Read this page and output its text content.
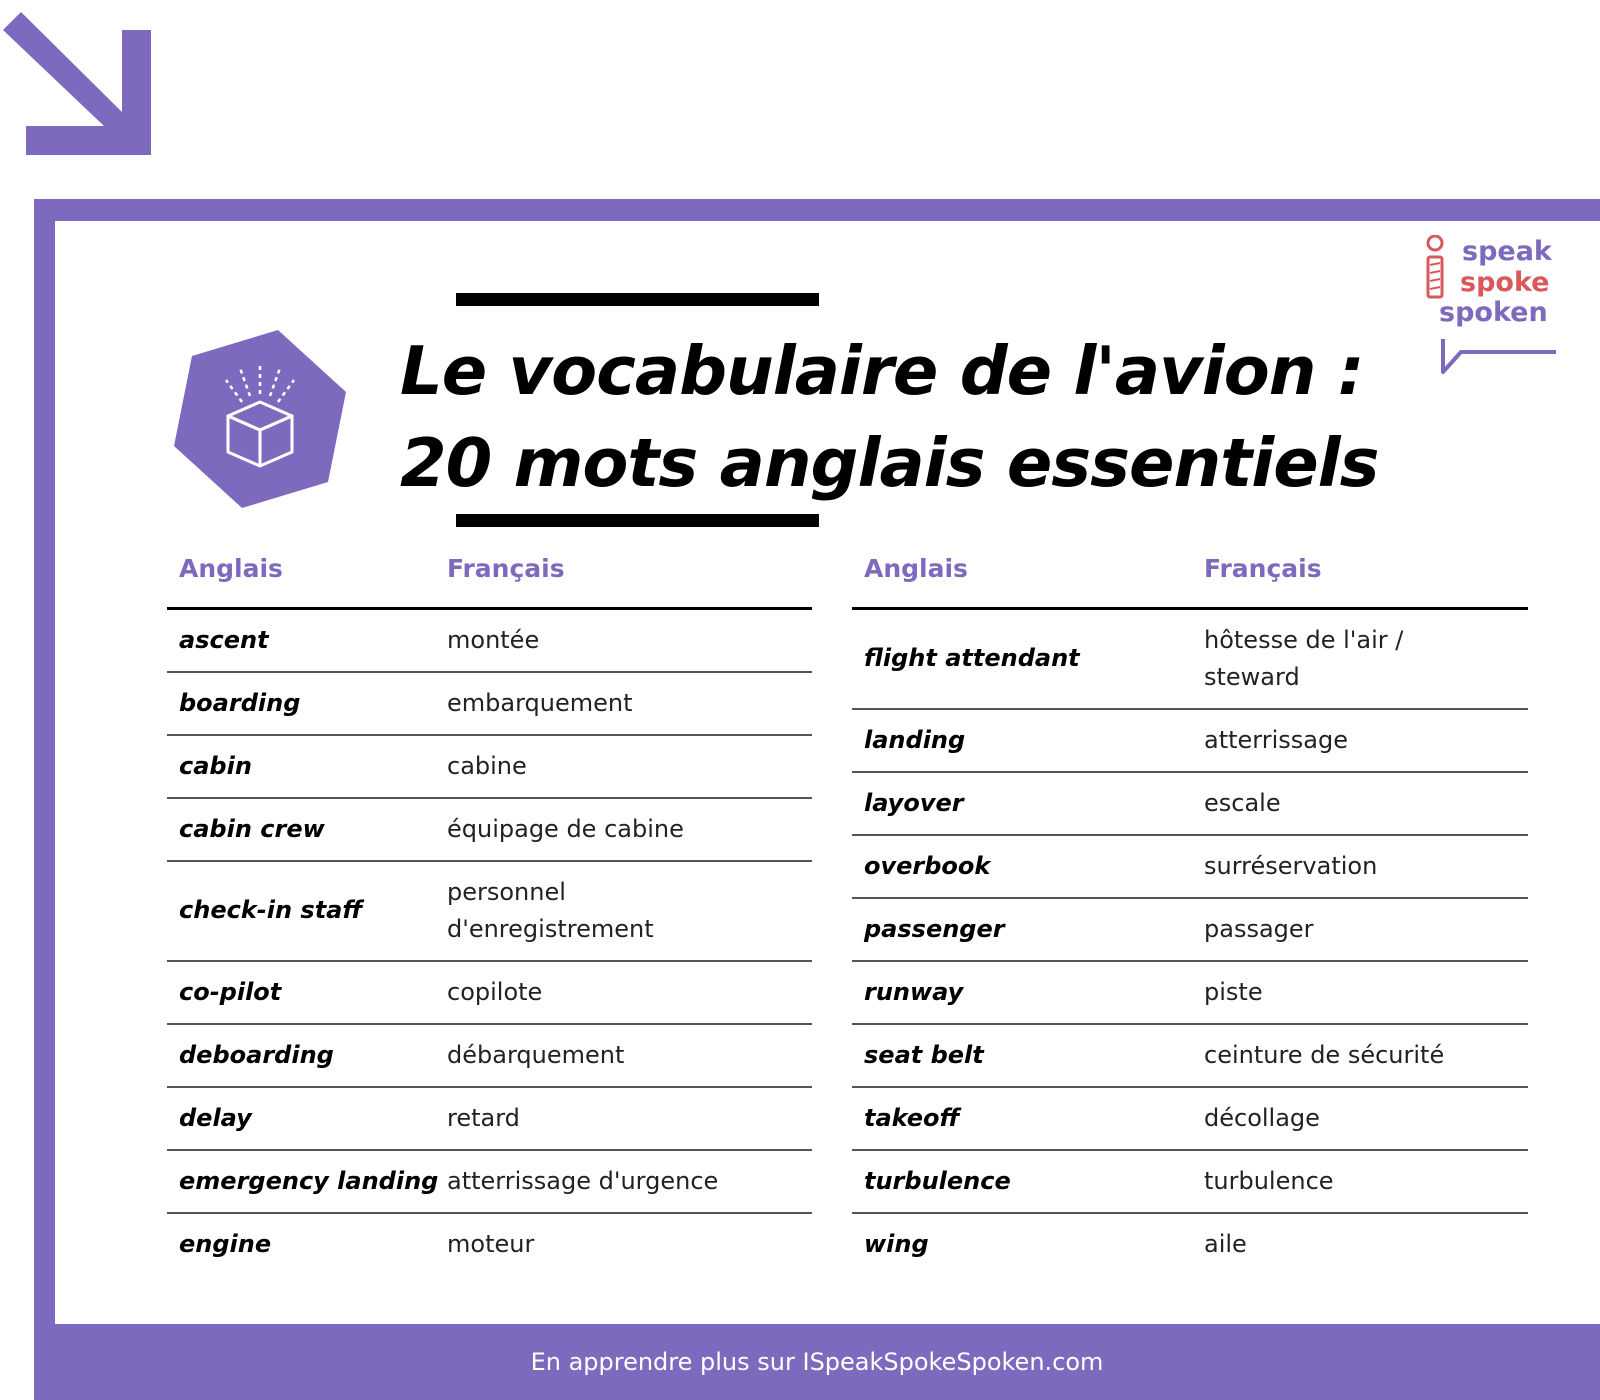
speak
spoke
spoken
Le vocabulaire de l'avion :
20 mots anglais essentiels
Anglais	Français
ascent	montée
boarding	embarquement
cabin	cabine
cabin crew	équipage de cabine
check-in staff	personnel d'enregistrement
co-pilot	copilote
deboarding	débarquement
delay	retard
emergency landing	atterrissage d'urgence
engine	moteur
Anglais	Français
flight attendant	hôtesse de l'air / steward
landing	atterrissage
layover	escale
overbook	surréservation
passenger	passager
runway	piste
seat belt	ceinture de sécurité
takeoff	décollage
turbulence	turbulence
wing	aile
En apprendre plus sur ISpeakSpokeSpoken.com
